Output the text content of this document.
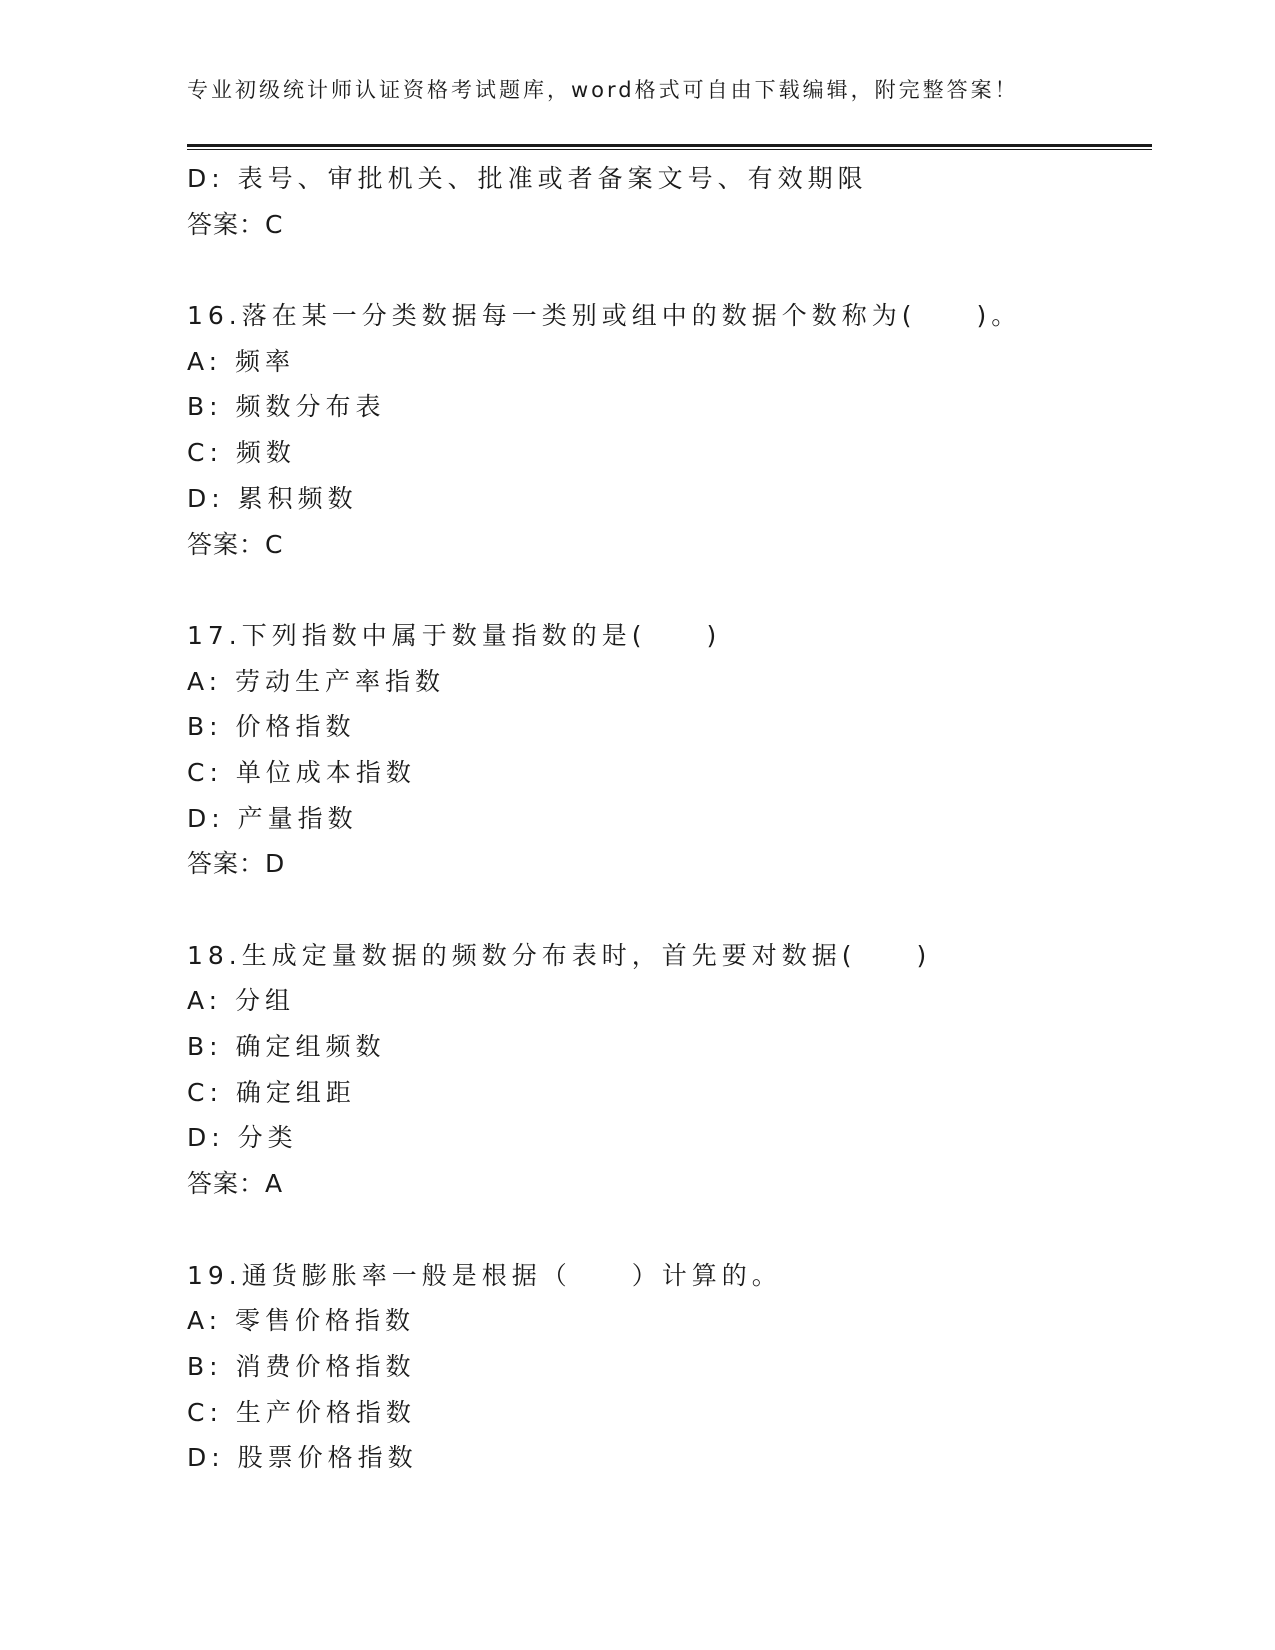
专业初级统计师认证资格考试题库，word格式可自由下载编辑，附完整答案！
D: 表号、审批机关、批准或者备案文号、有效期限
答案：C
16.落在某一分类数据每一类别或组中的数据个数称为(　　)。
A: 频率
B: 频数分布表
C: 频数
D: 累积频数
答案：C
17.下列指数中属于数量指数的是(　　)
A: 劳动生产率指数
B: 价格指数
C: 单位成本指数
D: 产量指数
答案：D
18.生成定量数据的频数分布表时，首先要对数据(　　)
A: 分组
B: 确定组频数
C: 确定组距
D: 分类
答案：A
19.通货膨胀率一般是根据（　　）计算的。
A: 零售价格指数
B: 消费价格指数
C: 生产价格指数
D: 股票价格指数
